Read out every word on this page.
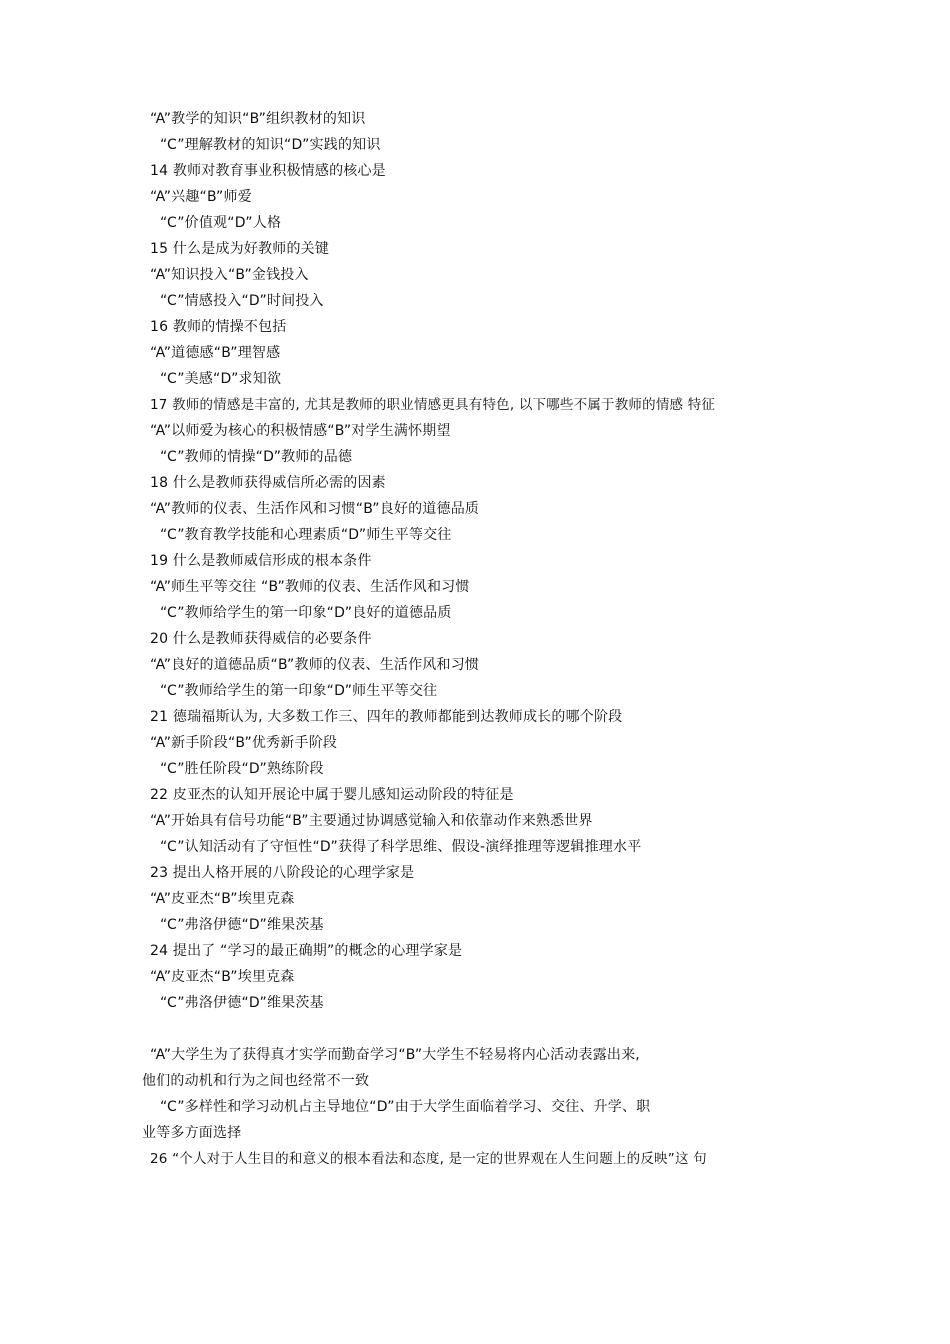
“A”教学的知识“B”组织教材的知识
“C”理解教材的知识“D”实践的知识
14 教师对教育事业积极情感的核心是
“A”兴趣“B”师爱
“C”价值观“D”人格
15 什么是成为好教师的关键
“A”知识投入“B”金钱投入
“C”情感投入“D”时间投入
16 教师的情操不包括
“A”道德感“B”理智感
“C”美感“D”求知欲
17 教师的情感是丰富的, 尤其是教师的职业情感更具有特色, 以下哪些不属于教师的情感 特征
“A”以师爱为核心的积极情感“B”对学生满怀期望
“C”教师的情操“D”教师的品德
18 什么是教师获得威信所必需的因素
“A”教师的仪表、生活作风和习惯“B”良好的道德品质
“C”教育教学技能和心理素质“D”师生平等交往
19 什么是教师威信形成的根本条件
“A”师生平等交往 “B”教师的仪表、生活作风和习惯
“C”教师给学生的第一印象“D”良好的道德品质
20 什么是教师获得威信的必要条件
“A”良好的道德品质“B”教师的仪表、生活作风和习惯
“C”教师给学生的第一印象“D”师生平等交往
21 德瑞福斯认为, 大多数工作三、四年的教师都能到达教师成长的哪个阶段
“A”新手阶段“B”优秀新手阶段
“C”胜任阶段“D”熟练阶段
22 皮亚杰的认知开展论中属于婴儿感知运动阶段的特征是
“A”开始具有信号功能“B”主要通过协调感觉输入和依靠动作来熟悉世界
“C”认知活动有了守恒性“D”获得了科学思维、假设-演绎推理等逻辑推理水平
23 提出人格开展的八阶段论的心理学家是
“A”皮亚杰“B”埃里克森
“C”弗洛伊德“D”维果茨基
24 提出了 “学习的最正确期”的概念的心理学家是
“A”皮亚杰“B”埃里克森
“C”弗洛伊德“D”维果茨基
“A”大学生为了获得真才实学而勤奋学习“B”大学生不轻易将内心活动表露出来,
他们的动机和行为之间也经常不一致
“C”多样性和学习动机占主导地位“D”由于大学生面临着学习、交往、升学、职
业等多方面选择
26 “个人对于人生目的和意义的根本看法和态度, 是一定的世界观在人生问题上的反映”这 句
